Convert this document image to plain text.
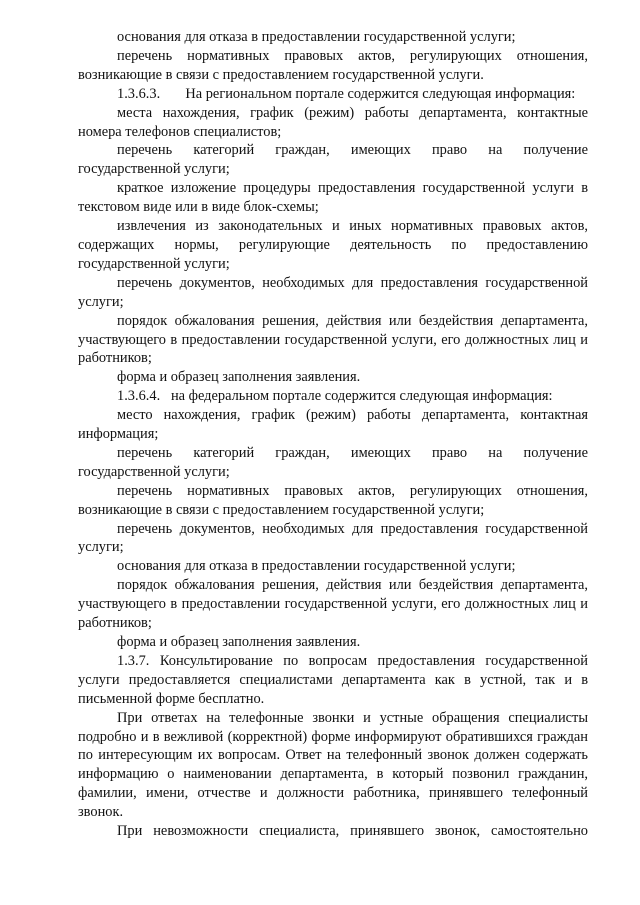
основания для отказа в предоставлении государственной услуги;

перечень нормативных правовых актов, регулирующих отношения, возникающие в связи с предоставлением государственной услуги.

1.3.6.3.       На региональном портале содержится следующая информация:

места нахождения, график (режим) работы департамента, контактные номера телефонов специалистов;

перечень категорий граждан, имеющих право на получение государственной услуги;

краткое изложение процедуры предоставления государственной услуги в текстовом виде или в виде блок-схемы;

извлечения из законодательных и иных нормативных правовых актов, содержащих нормы, регулирующие деятельность по предоставлению государственной услуги;

перечень документов, необходимых для предоставления государственной услуги;

порядок обжалования решения, действия или бездействия департамента, участвующего в предоставлении государственной услуги, его должностных лиц и работников;

форма и образец заполнения заявления.

1.3.6.4.   на федеральном портале содержится следующая информация:

место нахождения, график (режим) работы департамента, контактная информация;

перечень категорий граждан, имеющих право на получение государственной услуги;

перечень нормативных правовых актов, регулирующих отношения, возникающие в связи с предоставлением государственной услуги;

перечень документов, необходимых для предоставления государственной услуги;

основания для отказа в предоставлении государственной услуги;

порядок обжалования решения, действия или бездействия департамента, участвующего в предоставлении государственной услуги, его должностных лиц и работников;

форма и образец заполнения заявления.

1.3.7. Консультирование по вопросам предоставления государственной услуги предоставляется специалистами департамента как в устной, так и в письменной форме бесплатно.

При ответах на телефонные звонки и устные обращения специалисты подробно и в вежливой (корректной) форме информируют обратившихся граждан по интересующим их вопросам. Ответ на телефонный звонок должен содержать информацию о наименовании департамента, в который позвонил гражданин, фамилии, имени, отчестве и должности работника, принявшего телефонный звонок.

При невозможности специалиста, принявшего звонок, самостоятельно
